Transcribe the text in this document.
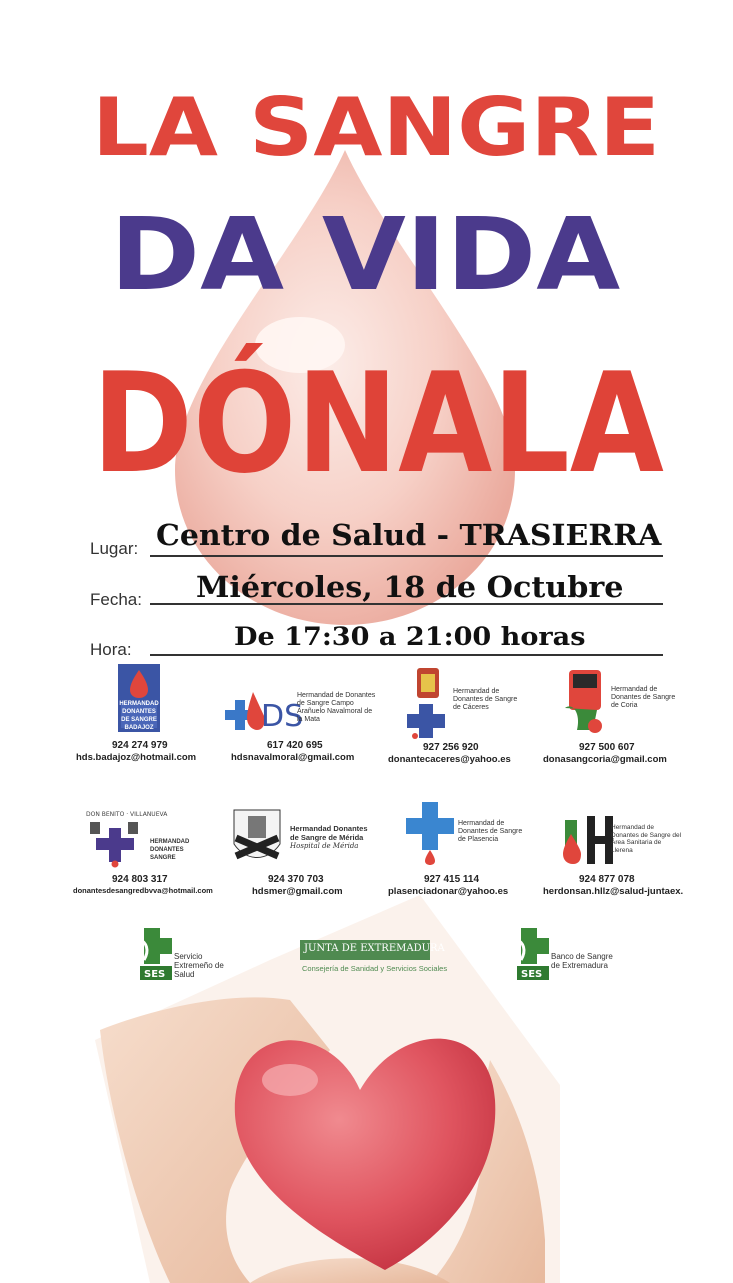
LA SANGRE
DA VIDA
DÓNALA
Lugar: Centro de Salud - TRASIERRA
Fecha: Miércoles, 18 de Octubre
Hora:	De 17:30 a 21:00 horas
HERMANDAD DONANTES DE SANGRE BADAJOZ
924 274 979
hds.badajoz@hotmail.com
DS
Hermandad de Donantes de Sangre Campo Arañuelo Navalmoral de la Mata
617 420 695
hdsnavalmoral@gmail.com
Hermandad de Donantes de Sangre de Cáceres
927 256 920
donantecaceres@yahoo.es
Hermandad de Donantes de Sangre de Coria
927 500 607
donasangcoria@gmail.com
DON BENITO · VILLANUEVA
HERMANDAD DONANTES SANGRE
924 803 317
donantesdesangredbvva@hotmail.com
Hermandad Donantes de Sangre de Mérida
Hospital de Mérida
924 370 703
hdsmer@gmail.com
Hermandad de Donantes de Sangre de Plasencia
927 415 114
plasenciadonar@yahoo.es
Hermandad de Donantes de Sangre del Área Sanitaria de Llerena
924 877 078
herdonsan.hllz@salud-juntaex.
SES
Servicio Extremeño de Salud
JUNTA DE EXTREMADURA
Consejería de Sanidad y Servicios Sociales
SES
Banco de Sangre de Extremadura
